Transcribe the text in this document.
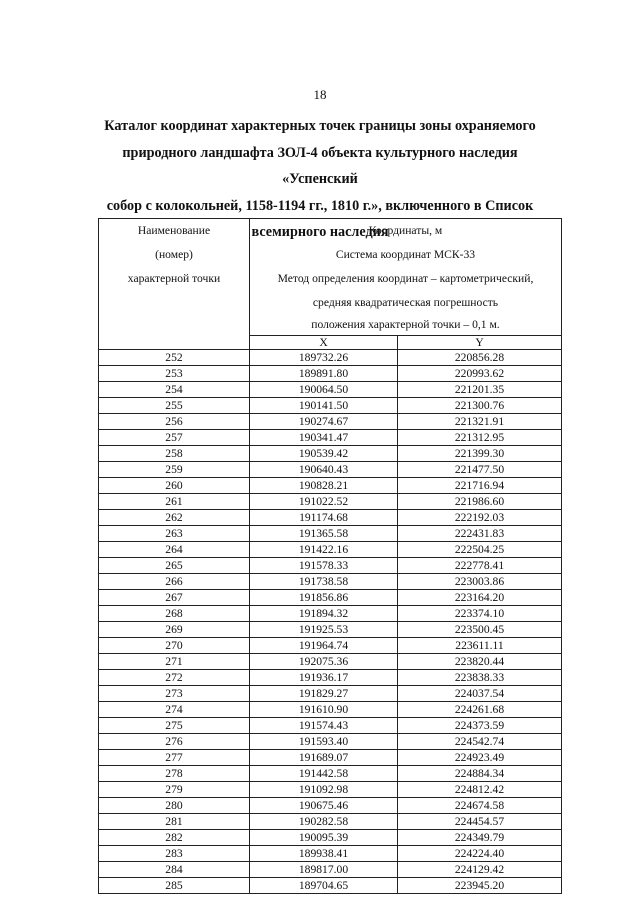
18
Каталог координат характерных точек границы зоны охраняемого
природного ландшафта ЗОЛ-4 объекта культурного наследия «Успенский
собор с колокольней, 1158-1194 гг., 1810 г.», включенного в Список
всемирного наследия
Наименование
(номер)
характерной точки	Координаты, м
Система координат МСК-33
Метод определения координат – картометрический,
средняя квадратическая погрешность
положения характерной точки – 0,1 м.	

	X	Y
252	189732.26	220856.28
253	189891.80	220993.62
254	190064.50	221201.35
255	190141.50	221300.76
256	190274.67	221321.91
257	190341.47	221312.95
258	190539.42	221399.30
259	190640.43	221477.50
260	190828.21	221716.94
261	191022.52	221986.60
262	191174.68	222192.03
263	191365.58	222431.83
264	191422.16	222504.25
265	191578.33	222778.41
266	191738.58	223003.86
267	191856.86	223164.20
268	191894.32	223374.10
269	191925.53	223500.45
270	191964.74	223611.11
271	192075.36	223820.44
272	191936.17	223838.33
273	191829.27	224037.54
274	191610.90	224261.68
275	191574.43	224373.59
276	191593.40	224542.74
277	191689.07	224923.49
278	191442.58	224884.34
279	191092.98	224812.42
280	190675.46	224674.58
281	190282.58	224454.57
282	190095.39	224349.79
283	189938.41	224224.40
284	189817.00	224129.42
285	189704.65	223945.20
